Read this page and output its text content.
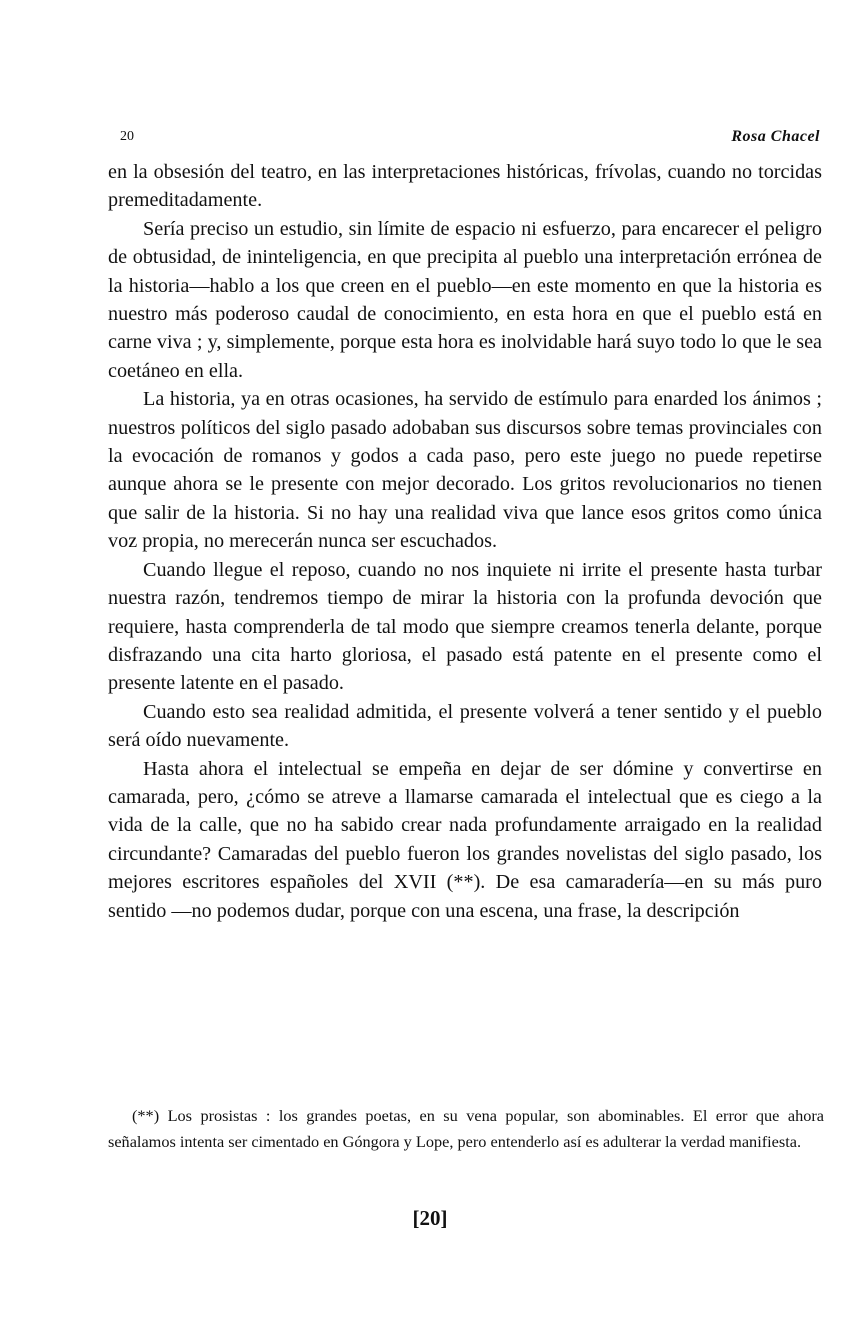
20	Rosa Chacel

en la obsesión del teatro, en las interpretaciones históricas, frívolas, cuando no torcidas premeditadamente.

Sería preciso un estudio, sin límite de espacio ni esfuerzo, para encarecer el peligro de obtusidad, de ininteligencia, en que precipita al pueblo una interpretación errónea de la historia—hablo a los que creen en el pueblo—en este momento en que la historia es nuestro más poderoso caudal de conocimiento, en esta hora en que el pueblo está en carne viva ; y, simplemente, porque esta hora es inolvidable hará suyo todo lo que le sea coetáneo en ella.

La historia, ya en otras ocasiones, ha servido de estímulo para enarded los ánimos ; nuestros políticos del siglo pasado adobaban sus discursos sobre temas provinciales con la evocación de romanos y godos a cada paso, pero este juego no puede repetirse aunque ahora se le presente con mejor decorado. Los gritos revolucionarios no tienen que salir de la historia. Si no hay una realidad viva que lance esos gritos como única voz propia, no merecerán nunca ser escuchados.

Cuando llegue el reposo, cuando no nos inquiete ni irrite el presente hasta turbar nuestra razón, tendremos tiempo de mirar la historia con la profunda devoción que requiere, hasta comprenderla de tal modo que siempre creamos tenerla delante, porque disfrazando una cita harto gloriosa, el pasado está patente en el presente como el presente latente en el pasado.

Cuando esto sea realidad admitida, el presente volverá a tener sentido y el pueblo será oído nuevamente.

Hasta ahora el intelectual se empeña en dejar de ser dómine y convertirse en camarada, pero, ¿cómo se atreve a llamarse camarada el intelectual que es ciego a la vida de la calle, que no ha sabido crear nada profundamente arraigado en la realidad circundante? Camaradas del pueblo fueron los grandes novelistas del siglo pasado, los mejores escritores españoles del XVII (**). De esa camaradería—en su más puro sentido —no podemos dudar, porque con una escena, una frase, la descripción

(**) Los prosistas : los grandes poetas, en su vena popular, son abominables. El error que ahora señalamos intenta ser cimentado en Góngora y Lope, pero entenderlo así es adulterar la verdad manifiesta.

[20]
